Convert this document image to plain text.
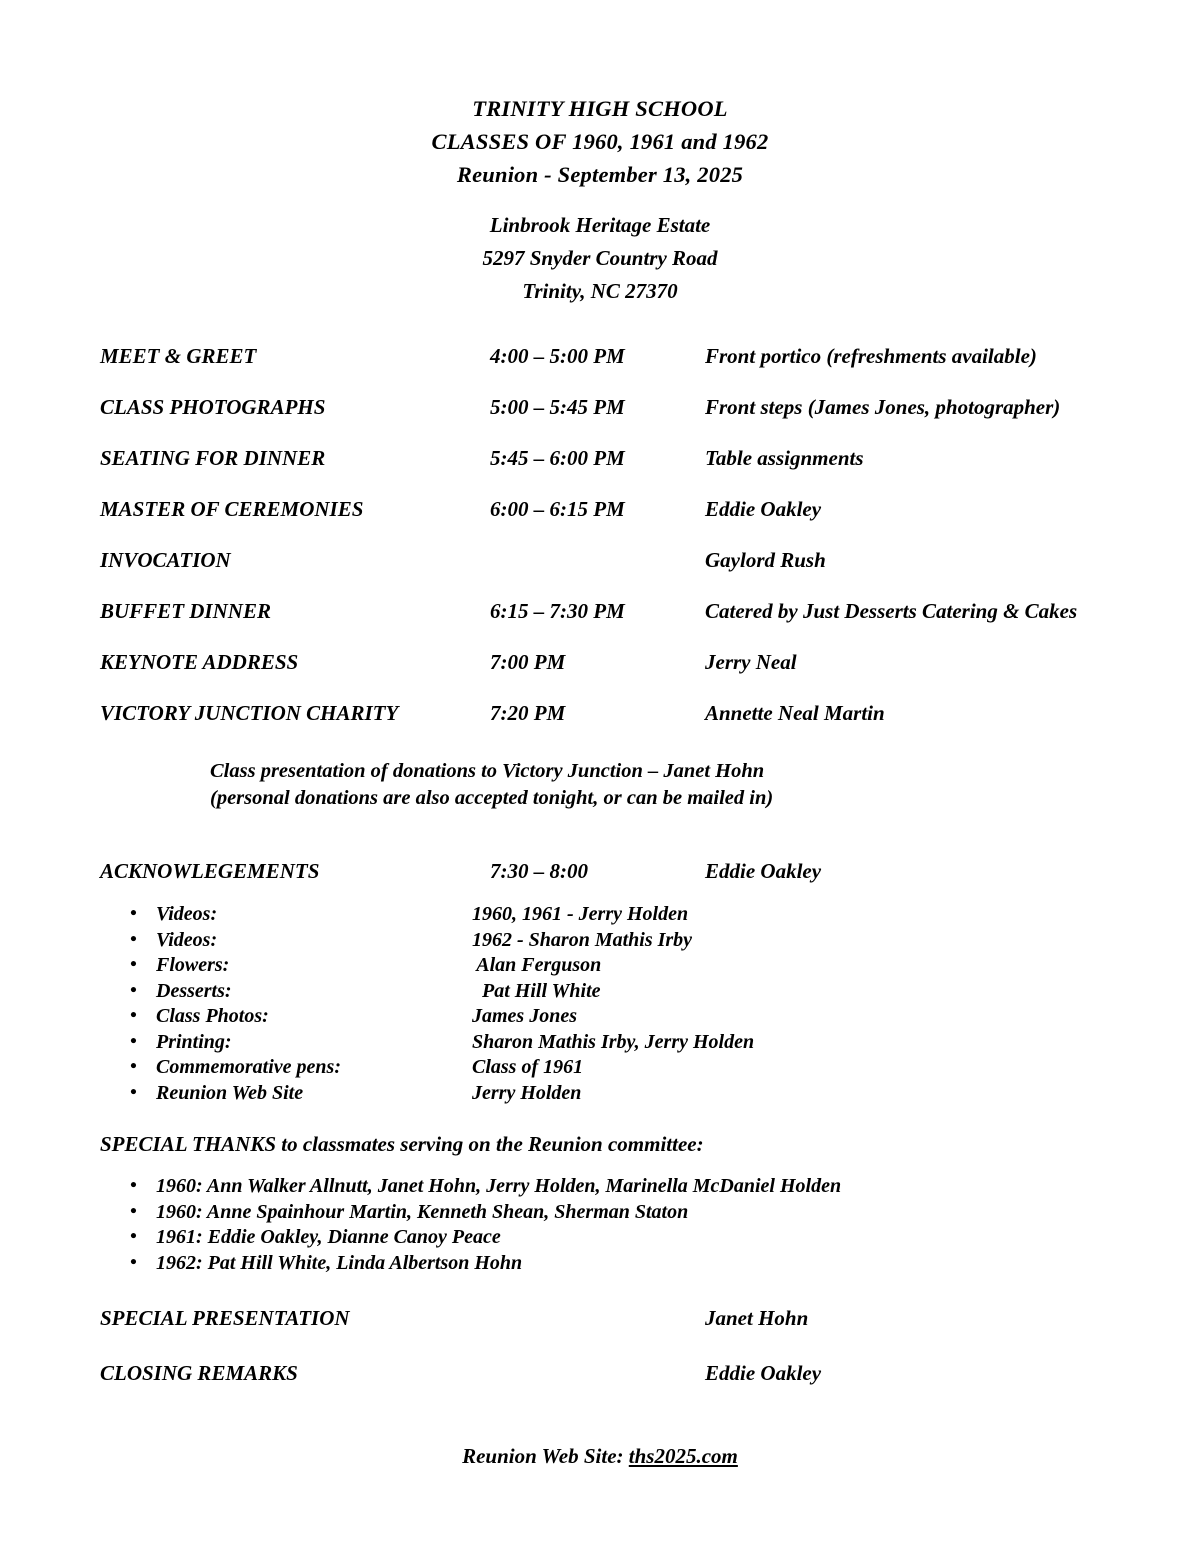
TRINITY HIGH SCHOOL
CLASSES OF 1960, 1961 and 1962
Reunion - September 13, 2025
Linbrook Heritage Estate
5297 Snyder Country Road
Trinity, NC 27370
MEET & GREET	4:00 – 5:00 PM	Front portico (refreshments available)
CLASS PHOTOGRAPHS	5:00 – 5:45 PM	Front steps (James Jones, photographer)
SEATING FOR DINNER	5:45 – 6:00 PM	Table assignments
MASTER OF CEREMONIES	6:00 – 6:15 PM	Eddie Oakley
INVOCATION		Gaylord Rush
BUFFET DINNER	6:15 – 7:30 PM	Catered by Just Desserts Catering & Cakes
KEYNOTE ADDRESS	7:00 PM	Jerry Neal
VICTORY JUNCTION CHARITY	7:20 PM	Annette Neal Martin
Class presentation of donations to Victory Junction – Janet Hohn
(personal donations are also accepted tonight, or can be mailed in)
ACKNOWLEGEMENTS	7:30 – 8:00	Eddie Oakley
• Videos:	1960, 1961 - Jerry Holden
• Videos:	1962 - Sharon Mathis Irby
• Flowers:	Alan Ferguson
• Desserts:	Pat Hill White
• Class Photos:	James Jones
• Printing:	Sharon Mathis Irby, Jerry Holden
• Commemorative pens:	Class of 1961
• Reunion Web Site	Jerry Holden
SPECIAL THANKS to classmates serving on the Reunion committee:
• 1960: Ann Walker Allnutt, Janet Hohn, Jerry Holden, Marinella McDaniel Holden
• 1960: Anne Spainhour Martin, Kenneth Shean, Sherman Staton
• 1961: Eddie Oakley, Dianne Canoy Peace
• 1962: Pat Hill White, Linda Albertson Hohn
SPECIAL PRESENTATION	Janet Hohn
CLOSING REMARKS	Eddie Oakley
Reunion Web Site: ths2025.com
